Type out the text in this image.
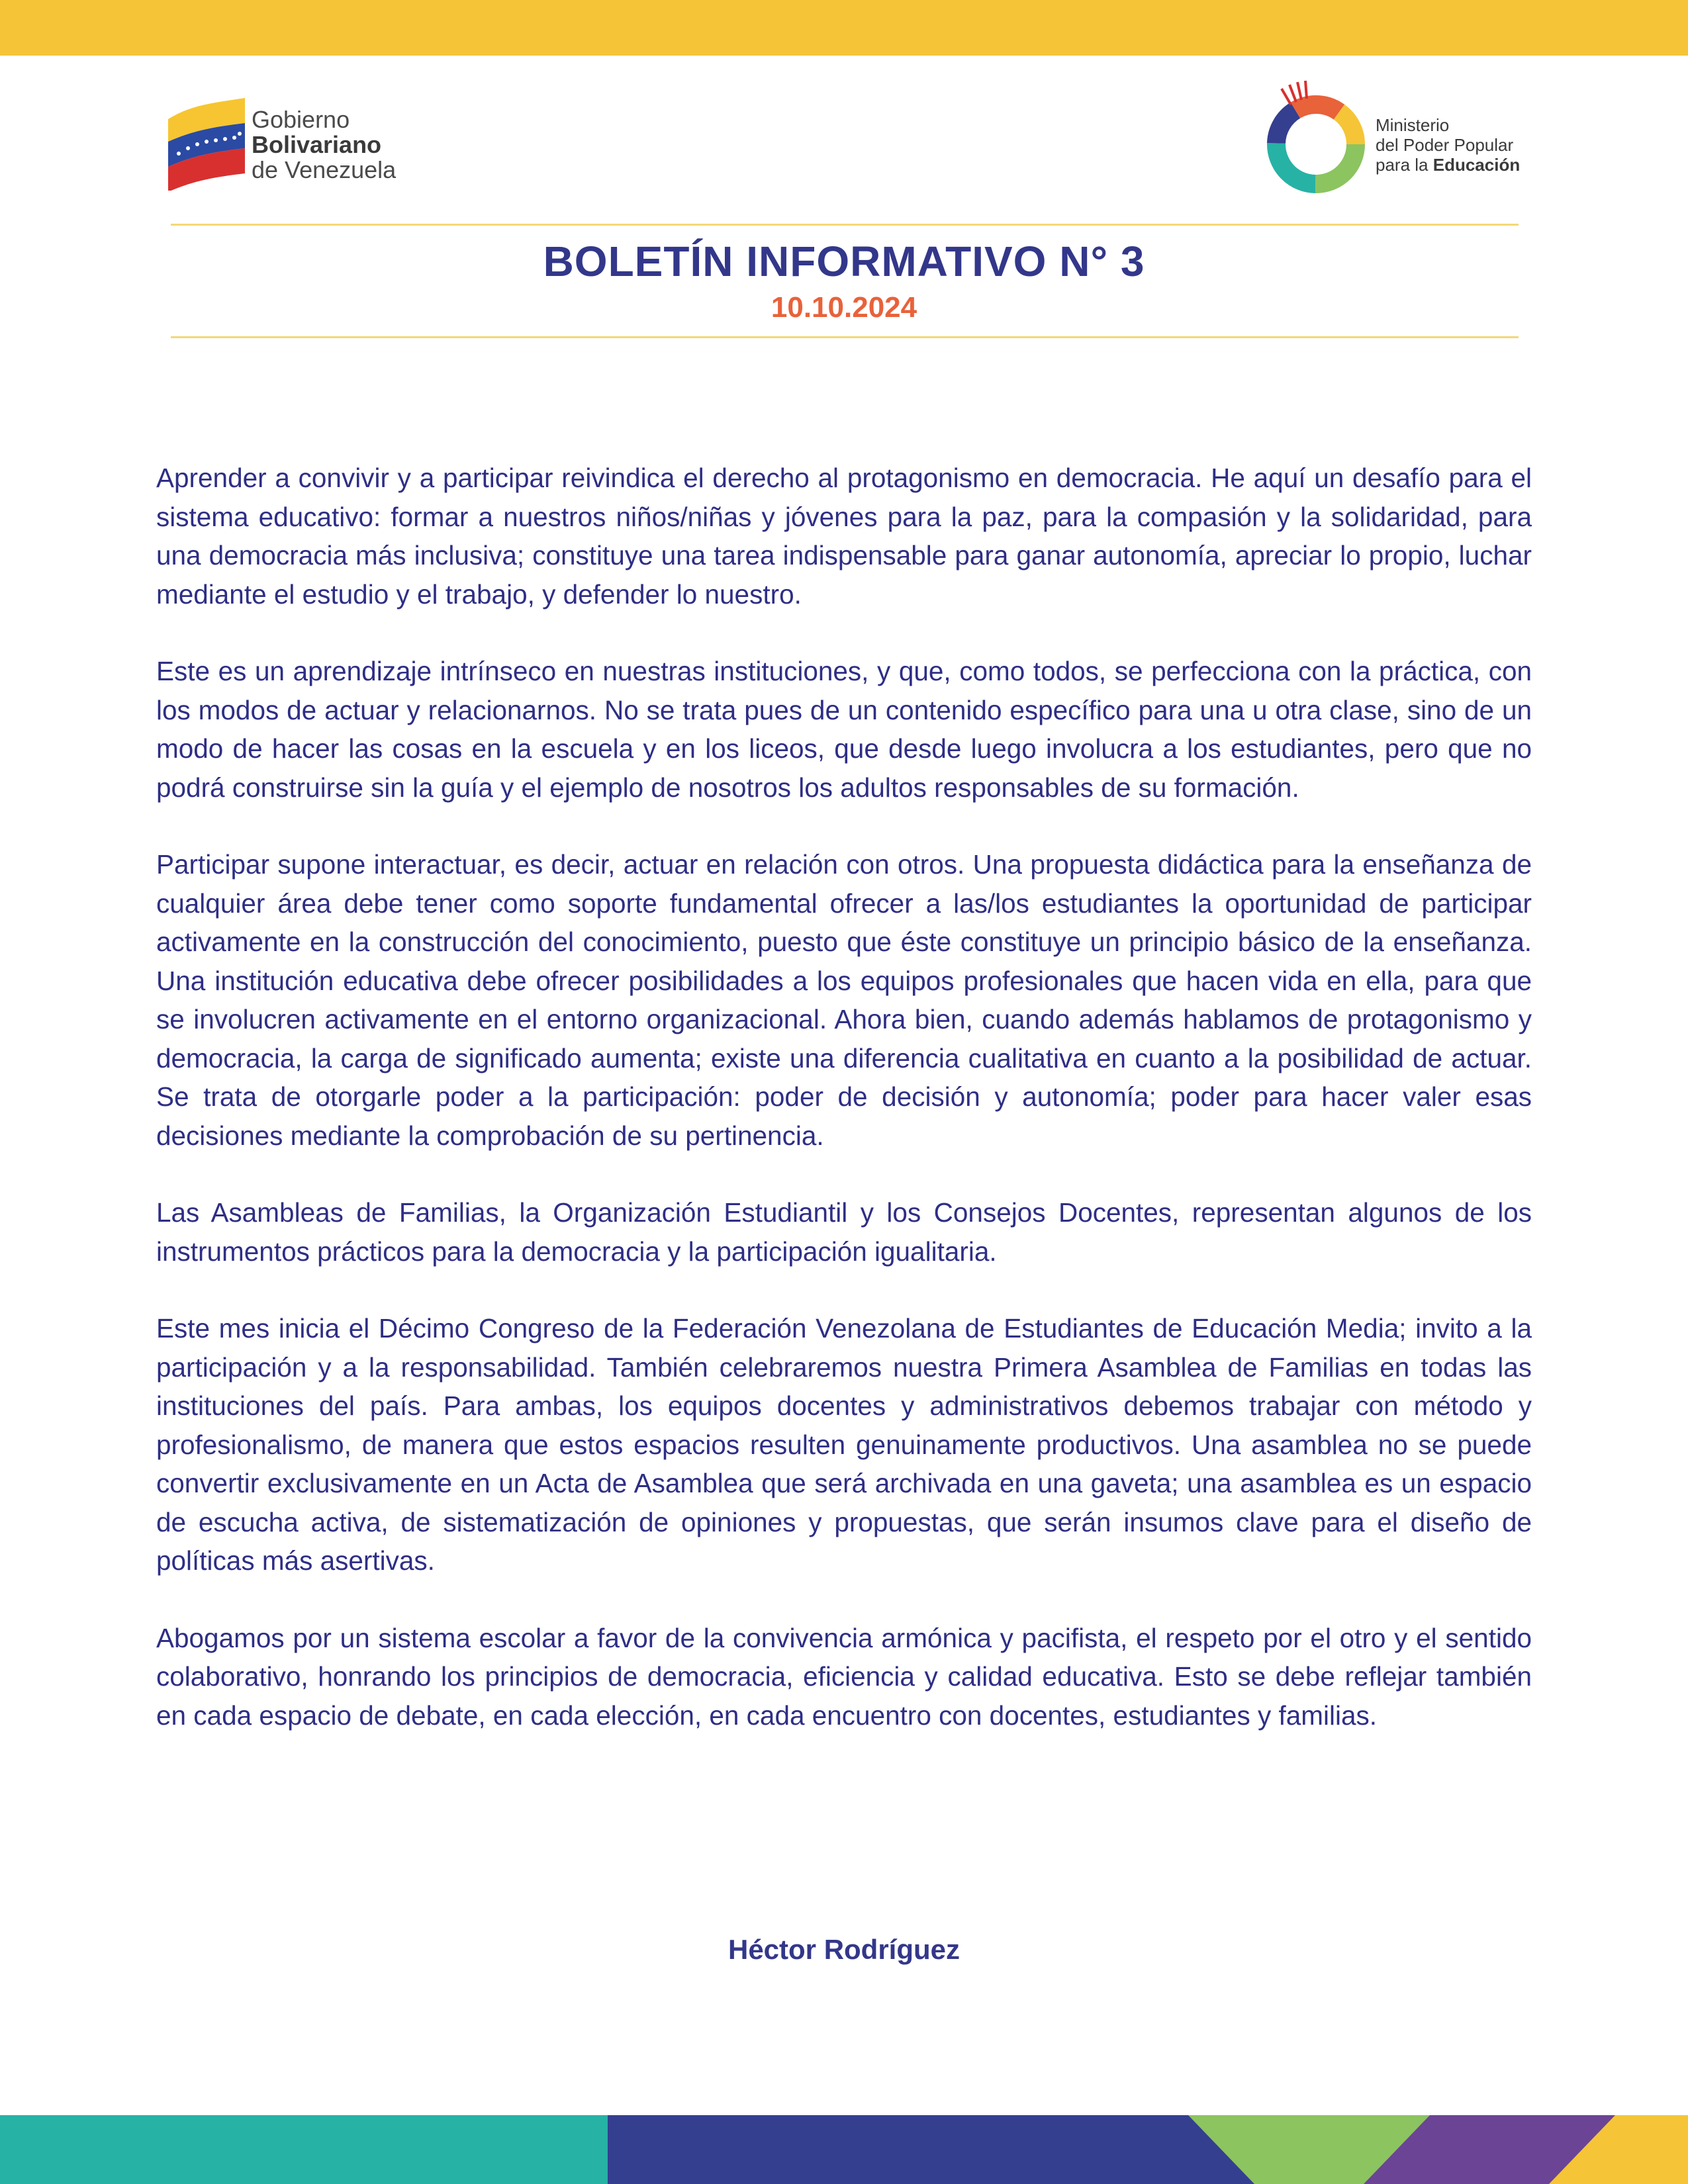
Gobierno
Bolivariano
de Venezuela
Ministerio
del Poder Popular
para la Educación
BOLETÍN INFORMATIVO N° 3
10.10.2024

Aprender a convivir y a participar reivindica el derecho al protagonismo en democracia. He aquí un desafío para el sistema educativo: formar a nuestros niños/niñas y jóvenes para la paz, para la compasión y la solidaridad, para una democracia más inclusiva; constituye una tarea indispensable para ganar autonomía, apreciar lo propio, luchar mediante el estudio y el trabajo, y defender lo nuestro.

Este es un aprendizaje intrínseco en nuestras instituciones, y que, como todos, se perfecciona con la práctica, con los modos de actuar y relacionarnos. No se trata pues de un contenido específico para una u otra clase, sino de un modo de hacer las cosas en la escuela y en los liceos, que desde luego involucra a los estudiantes, pero que no podrá construirse sin la guía y el ejemplo de nosotros los adultos responsables de su formación.

Participar supone interactuar, es decir, actuar en relación con otros. Una propuesta didáctica para la enseñanza de cualquier área debe tener como soporte fundamental ofrecer a las/los estudiantes la oportunidad de participar activamente en la construcción del conocimiento, puesto que éste constituye un principio básico de la enseñanza. Una institución educativa debe ofrecer posibilidades a los equipos profesionales que hacen vida en ella, para que se involucren activamente en el entorno organizacional. Ahora bien, cuando además hablamos de protagonismo y democracia, la carga de significado aumenta; existe una diferencia cualitativa en cuanto a la posibilidad de actuar. Se trata de otorgarle poder a la participación: poder de decisión y autonomía; poder para hacer valer esas decisiones mediante la comprobación de su pertinencia.

Las Asambleas de Familias, la Organización Estudiantil y los Consejos Docentes, representan algunos de los instrumentos prácticos para la democracia y la participación igualitaria.

Este mes inicia el Décimo Congreso de la Federación Venezolana de Estudiantes de Educación Media; invito a la participación y a la responsabilidad. También celebraremos nuestra Primera Asamblea de Familias en todas las instituciones del país. Para ambas, los equipos docentes y administrativos debemos trabajar con método y profesionalismo, de manera que estos espacios resulten genuinamente productivos. Una asamblea no se puede convertir exclusivamente en un Acta de Asamblea que será archivada en una gaveta; una asamblea es un espacio de escucha activa, de sistematización de opiniones y propuestas, que serán insumos clave para el diseño de políticas más asertivas.

Abogamos por un sistema escolar a favor de la convivencia armónica y pacifista, el respeto por el otro y el sentido colaborativo, honrando los principios de democracia, eficiencia y calidad educativa. Esto se debe reflejar también en cada espacio de debate, en cada elección, en cada encuentro con docentes, estudiantes y familias.

Héctor Rodríguez
